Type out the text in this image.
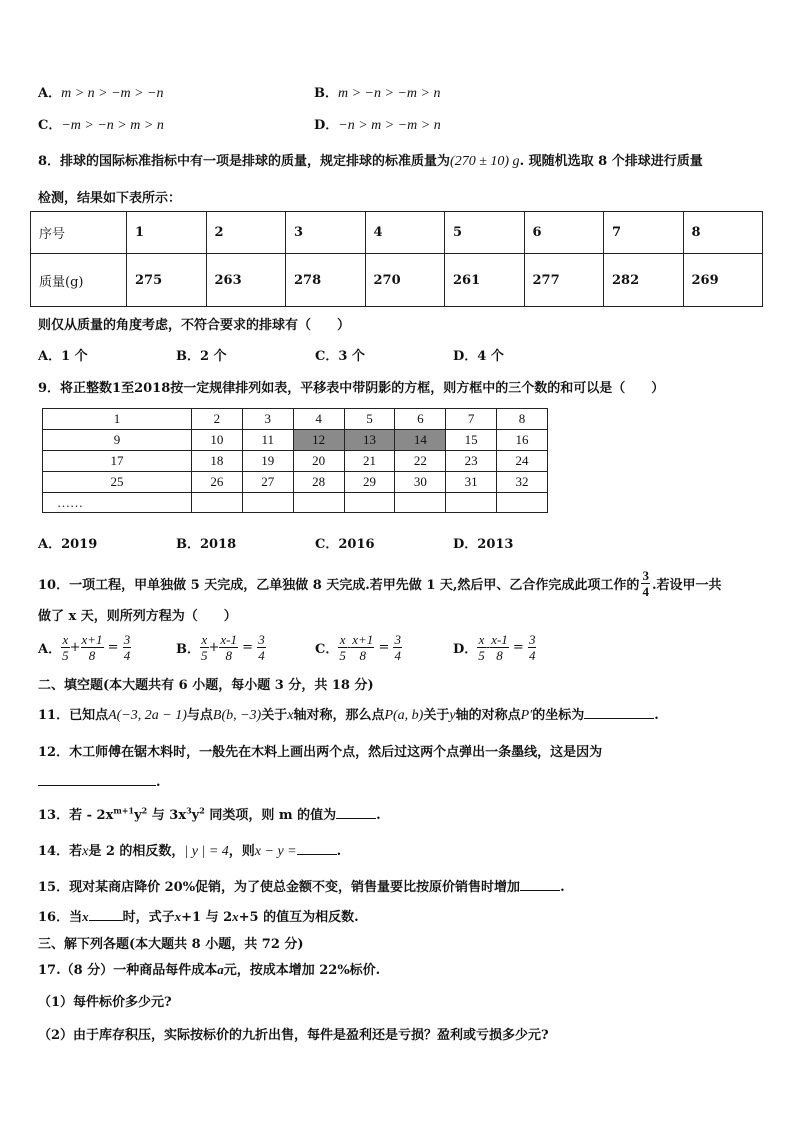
A．m > n > −m > −n	B．m > −n > −m > n
C．−m > −n > m > n	D．−n > m > −m > n
8．排球的国际标准指标中有一项是排球的质量，规定排球的标准质量为(270 ± 10) g. 现随机选取 8 个排球进行质量
检测，结果如下表所示：
序号	1	2	3	4	5	6	7	8
质量(g)	275	263	278	270	261	277	282	269
则仅从质量的角度考虑，不符合要求的排球有（　　）
A．1 个	B．2 个	C．3 个	D．4 个
9．将正整数1至2018按一定规律排列如表，平移表中带阴影的方框，则方框中的三个数的和可以是（　　）
1	2	3	4	5	6	7	8
9	10	11	12	13	14	15	16
17	18	19	20	21	22	23	24
25	26	27	28	29	30	31	32
……							
A．2019	B．2018	C．2016	D．2013
10．一项工程，甲单独做 5 天完成，乙单独做 8 天完成.若甲先做 1 天,然后甲、乙合作完成此项工作的 $\frac{3}{4}$ .若设甲一共
做了 x 天，则所列方程为（　　）
A． $\frac{x}{5} + \frac{x+1}{8} = \frac{3}{4}$	B． $\frac{x}{5} + \frac{x-1}{8} = \frac{3}{4}$	C． $\frac{x}{5} - \frac{x+1}{8} = \frac{3}{4}$	D． $\frac{x}{5} - \frac{x-1}{8} = \frac{3}{4}$
二、填空题(本大题共有 6 小题，每小题 3 分，共 18 分)
11．已知点A(−3, 2a − 1)与点B(b, −3)关于x轴对称，那么点P(a, b)关于y轴的对称点P′的坐标为	.
12．木工师傅在锯木料时，一般先在木料上画出两个点，然后过这两个点弹出一条墨线，这是因为
.
13．若 - $2x^{m+1}y^2$ 与 $3x^3y^2$ 同类项，则 m 的值为	.
14．若x是 2 的相反数，| y | = 4，则x − y =	.
15．现对某商店降价 20%促销，为了使总金额不变，销售量要比按原价销售时增加	.
16．当x	时，式子x+1 与 2x+5 的值互为相反数.
三、解下列各题(本大题共 8 小题，共 72 分)
17.（8 分）一种商品每件成本a元，按成本增加 22%标价.
（1）每件标价多少元?
（2）由于库存积压，实际按标价的九折出售，每件是盈利还是亏损？盈利或亏损多少元?
